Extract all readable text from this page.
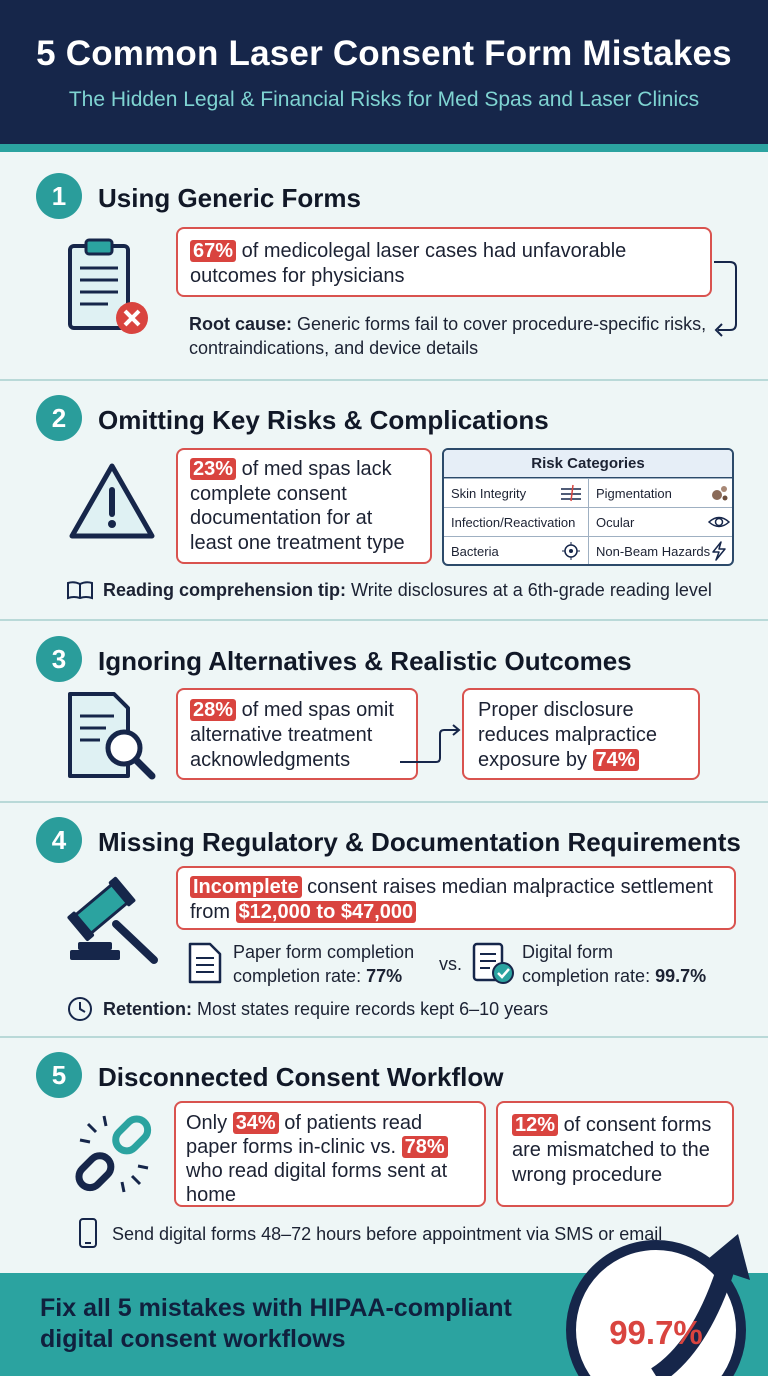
5 Common Laser Consent Form Mistakes
The Hidden Legal & Financial Risks for Med Spas and Laser Clinics
1	Using Generic Forms
67% of medicolegal laser cases had unfavorable outcomes for physicians
Root cause: Generic forms fail to cover procedure-specific risks, contraindications, and device details
2	Omitting Key Risks & Complications
23% of med spas lack complete consent documentation for at least one treatment type
Risk Categories
Skin Integrity	Pigmentation
Infection/Reactivation	Ocular
Bacteria	Non-Beam Hazards
Reading comprehension tip: Write disclosures at a 6th-grade reading level
3	Ignoring Alternatives & Realistic Outcomes
28% of med spas omit alternative treatment acknowledgments
Proper disclosure reduces malpractice exposure by 74%
4	Missing Regulatory & Documentation Requirements
Incomplete consent raises median malpractice settlement from $12,000 to $47,000
Paper form completion
completion rate: 77%
vs.
Digital form
completion rate: 99.7%
Retention: Most states require records kept 6–10 years
5	Disconnected Consent Workflow
Only 34% of patients read paper forms in-clinic vs. 78% who read digital forms sent at home
12% of consent forms are mismatched to the wrong procedure
Send digital forms 48–72 hours before appointment via SMS or email
Fix all 5 mistakes with HIPAA-compliant digital consent workflows	99.7%
